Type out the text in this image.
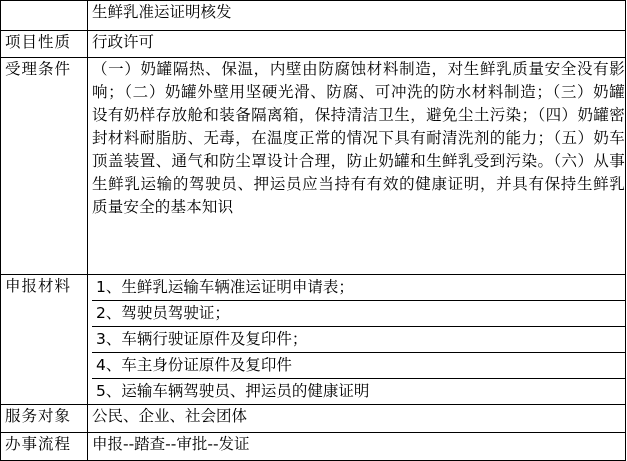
	生鲜乳准运证明核发
项目性质	行政许可
受理条件	（一）奶罐隔热、保温，内壁由防腐蚀材料制造，对生鲜乳质量安全没有影响；（二）奶罐外壁用坚硬光滑、防腐、可冲洗的防水材料制造；（三）奶罐设有奶样存放舱和装备隔离箱，保持清洁卫生，避免尘土污染；（四）奶罐密封材料耐脂肪、无毒，在温度正常的情况下具有耐清洗剂的能力；（五）奶车顶盖装置、通气和防尘罩设计合理，防止奶罐和生鲜乳受到污染。（六）从事生鲜乳运输的驾驶员、押运员应当持有有效的健康证明，并具有保持生鲜乳质量安全的基本知识
申报材料	1、生鲜乳运输车辆准运证明申请表；
2、驾驶员驾驶证；
3、车辆行驶证原件及复印件；
4、车主身份证原件及复印件
5、运输车辆驾驶员、押运员的健康证明

服务对象	公民、企业、社会团体
办事流程	申报--踏查--审批--发证
